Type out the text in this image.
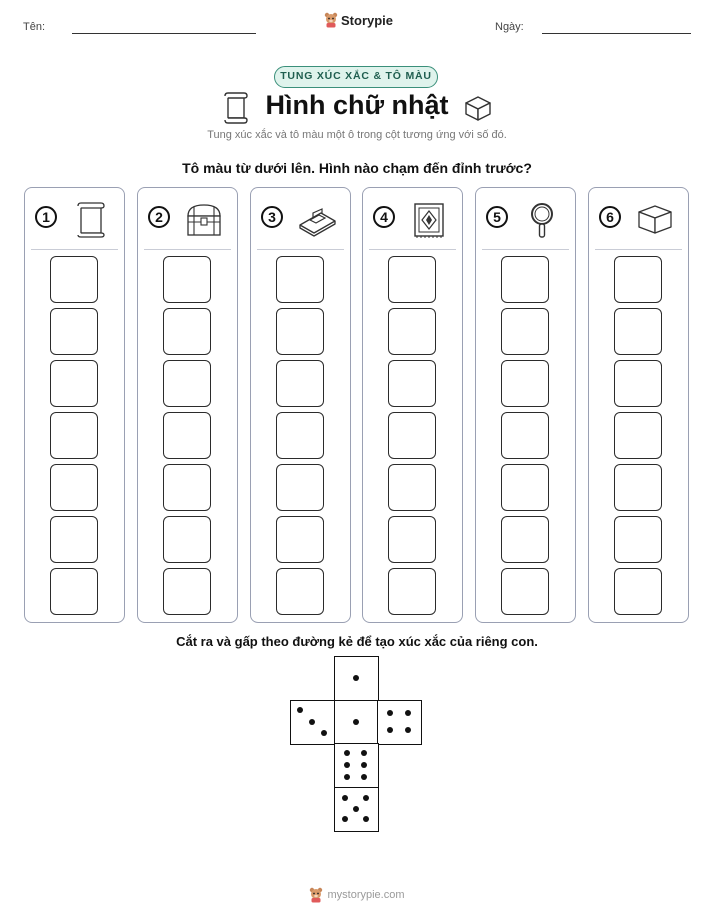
Tên:	Storypie	Ngày:
TUNG XÚC XẮC & TÔ MÀU
Hình chữ nhật
Tung xúc xắc và tô màu một ô trong cột tương ứng với số đó.
Tô màu từ dưới lên. Hình nào chạm đến đỉnh trước?
1	2	3	4	5	6
Cắt ra và gấp theo đường kẻ để tạo xúc xắc của riêng con.
mystorypie.com
